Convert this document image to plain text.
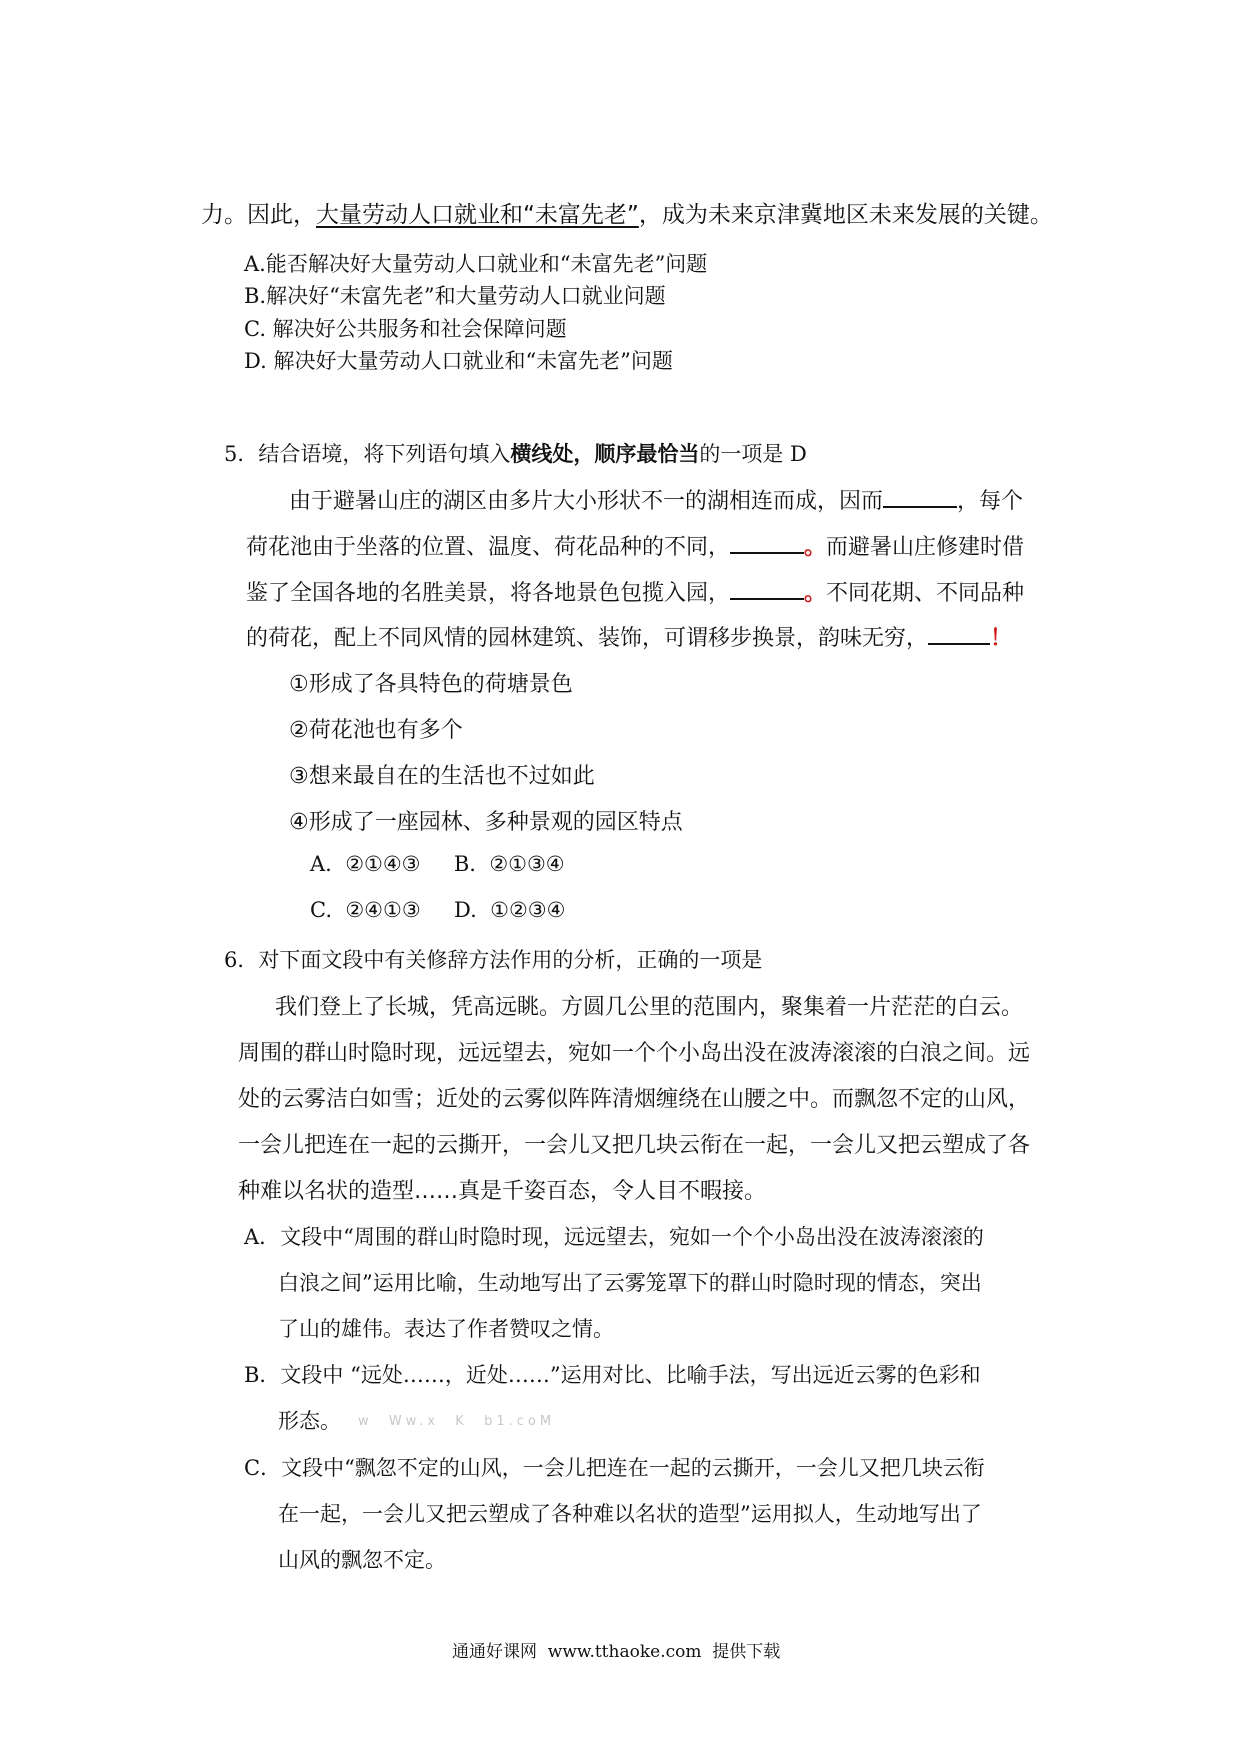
力。因此，大量劳动人口就业和“未富先老”，成为未来京津冀地区未来发展的关键。
A.能否解决好大量劳动人口就业和“未富先老”问题
B.解决好“未富先老”和大量劳动人口就业问题
C. 解决好公共服务和社会保障问题
D. 解决好大量劳动人口就业和“未富先老”问题
5．结合语境，将下列语句填入横线处，顺序最恰当的一项是 D
由于避暑山庄的湖区由多片大小形状不一的湖相连而成，因而	，每个
荷花池由于坐落的位置、温度、荷花品种的不同，	。而避暑山庄修建时借
鉴了全国各地的名胜美景，将各地景色包揽入园，	。不同花期、不同品种
的荷花，配上不同风情的园林建筑、装饰，可谓移步换景，韵味无穷，	！
①形成了各具特色的荷塘景色
②荷花池也有多个
③想来最自在的生活也不过如此
④形成了一座园林、多种景观的园区特点
A.  ②①④③     B.  ②①③④
C.  ②④①③     D.  ①②③④
6．对下面文段中有关修辞方法作用的分析，正确的一项是
我们登上了长城，凭高远眺。方圆几公里的范围内，聚集着一片茫茫的白云。
周围的群山时隐时现，远远望去，宛如一个个小岛出没在波涛滚滚的白浪之间。远
处的云雾洁白如雪；近处的云雾似阵阵清烟缠绕在山腰之中。而飘忽不定的山风，
一会儿把连在一起的云撕开，一会儿又把几块云衔在一起，一会儿又把云塑成了各
种难以名状的造型……真是千姿百态，令人目不暇接。
A．文段中“周围的群山时隐时现，远远望去，宛如一个个小岛出没在波涛滚滚的
白浪之间”运用比喻，生动地写出了云雾笼罩下的群山时隐时现的情态，突出
了山的雄伟。表达了作者赞叹之情。
B．文段中 “远处……，近处……”运用对比、比喻手法，写出远近云雾的色彩和
形态。 w  Ww.x  K  b1.coM
C．文段中“飘忽不定的山风，一会儿把连在一起的云撕开，一会儿又把几块云衔
在一起，一会儿又把云塑成了各种难以名状的造型”运用拟人，生动地写出了
山风的飘忽不定。
通通好课网  www.tthaoke.com  提供下载
